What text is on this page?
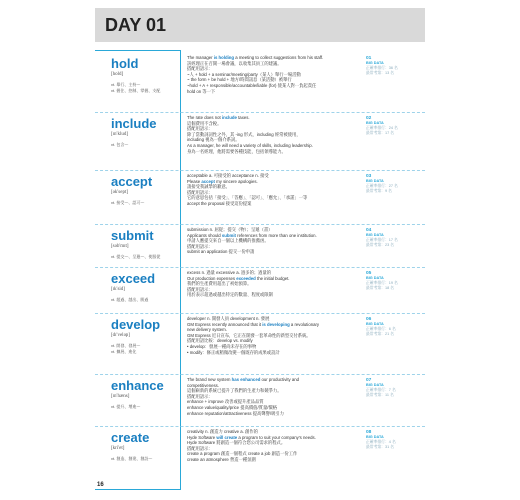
DAY 01
hold
[hold]
vt. 舉行、主持～
vt. 握住、控制、掌握、支配
The manager is holding a meeting to collect suggestions from his staff.
該經理正在召開一場會議，以收集其員工的建議。
搭配用語示：
~人 + hold + a seminar/meeting/party（某人）舉行一場活動
~ the form + be hold + 地方/時間訊息（某活動）被舉行
~hold + A + responsible/accountable/liable (for) 使某人對⋯負起責任
hold on 等一下
01
BIG DATA
正確率排行：36 名
最常考第：13 名
include
[ɪn'klud]
vt. 包含～
The rate does not include taxes.
這個費用不含稅。
搭配用語示：
除了當動詞詞性之外，其 -ing 形式，including 經常被使用，
including 視為一個介系詞。
As a manager, he will need a variety of skills, including leadership.
身為一名經理，他將需要各種技能，包括領導能力。
02
BIG DATA
正確率排行：24 名
最常考第：17 名
accept
[ək'sept]
vt. 接受～、認可～
acceptable a. 可接受的 acceptance n. 接受
Please accept my sincere apologies.
請接受我誠摯的歉意。
搭配用語示：
它的意思包括「接受」、「答應」、「認可」、「應允」、「承諾」一等
accept the proposal 接受這份提案
03
BIG DATA
正確率排行：27 名
最常考第：9 名
submit
[səb'mɪt]
vt. 提交～、呈遞～、使服從
submission n. 屈從；提交（物）；呈遞（書）
Applicants should submit references from more than one institution.
申請人應提交來自一個以上機構的推薦函。
搭配用語示：
submit an application 提交一份申請
04
BIG DATA
正確率排行：17 名
最常考第：23 名
exceed
[ɪk'sid]
vt. 超過、越出、勝過
excess n. 過量 excessive a. 過多的；過量的
Our production expenses exceeded the initial budget.
我們的生產費用超出了初始預算。
搭配用語示：
用於表示超過或越出特定的數量、程度或限制
05
BIG DATA
正確率排行：19 名
最常考第：18 名
develop
[dɪ'veləp]
vt. 開發、發展～
vt. 擴展、進化
developer n. 開發人員 development n. 發展
GM Express recently announced that it is developing a revolutionary
new delivery system.
GM Express 近日宣布，它正在開發一套革命性的新型交付系統。
搭配用語比較：develop vs. modify
• develop：發展一種尚未存在的事物
• modify：修正或稍微改變一個既存的成果或設計
06
BIG DATA
正確率排行：6 名
最常考第：21 名
enhance
[ɪn'hæns]
vt. 提升、增進～
The brand new system has enhanced our productivity and
competitiveness.
這個嶄新的系統已提升了我們的生產力和競爭力。
搭配用語示：
enhance + improve 改善或提升產品品質
enhance value/quality/price 提高價值/質量/價格
enhance reputation/attractiveness 提高聲譽/吸引力
07
BIG DATA
正確率排行：7 名
最常考第：11 名
create
[kri'et]
vt. 創造、創建、創設～
creativity n. 創造力 creative a. 創作的
Hyde Software will create a program to suit your company's needs.
Hyde Software 將創造一個符合您公司需求的程式。
搭配用語示：
create a program 創造一個程式 create a job 創造一份工作
create an atmosphere 營造一種氛圍
08
BIG DATA
正確率排行：4 名
最常考第：31 名
16
